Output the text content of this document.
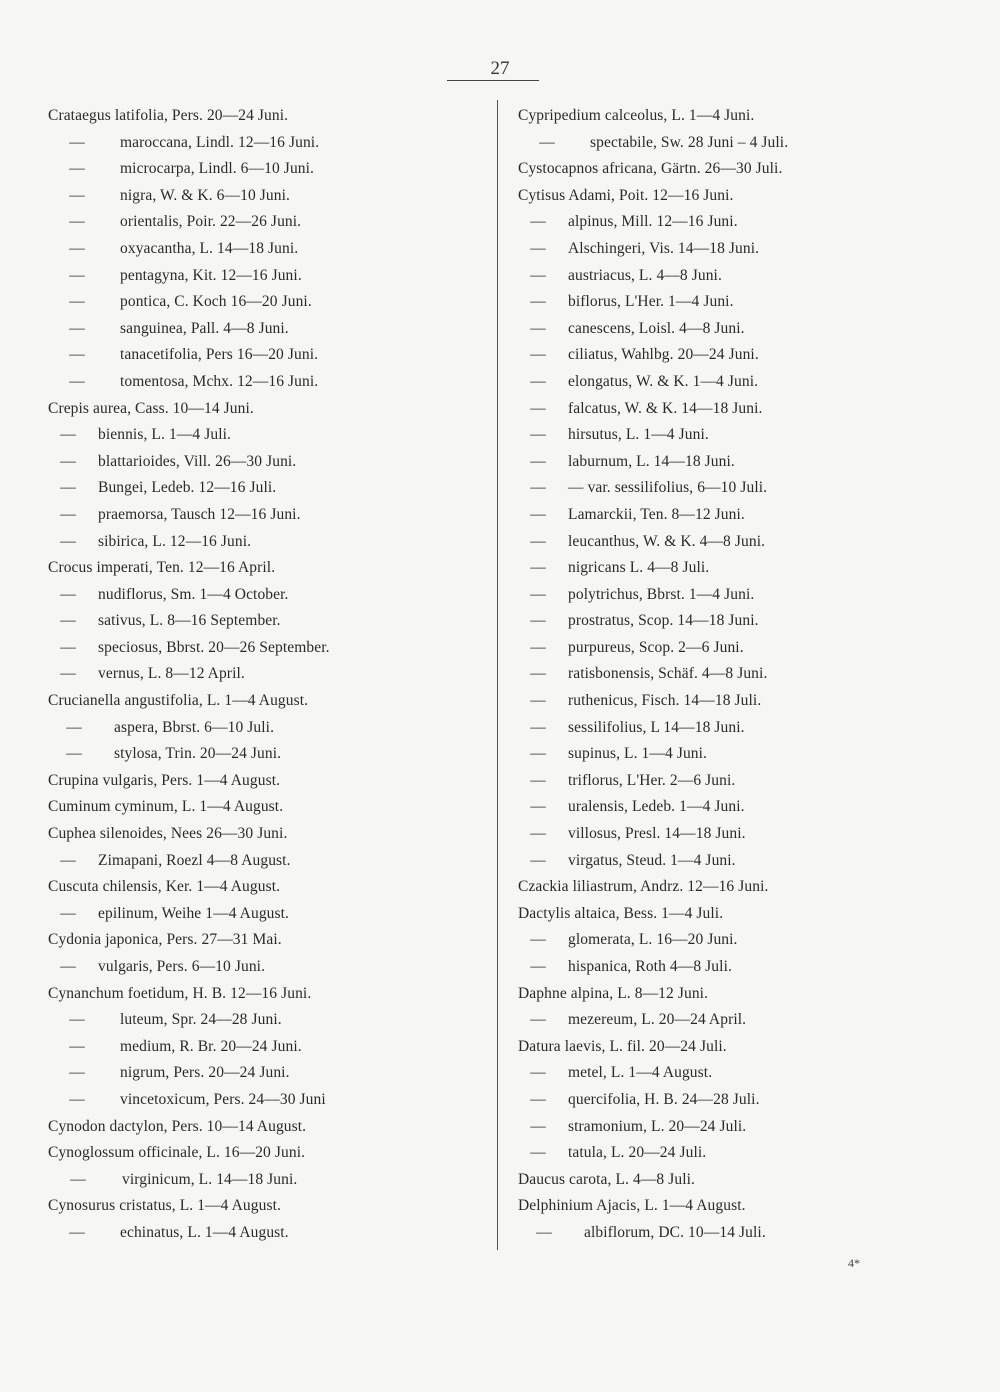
27
Crataegus latifolia, Pers. 20—24 Juni.
— maroccana, Lindl. 12—16 Juni.
— microcarpa, Lindl. 6—10 Juni.
— nigra, W. & K. 6—10 Juni.
— orientalis, Poir. 22—26 Juni.
— oxyacantha, L. 14—18 Juni.
— pentagyna, Kit. 12—16 Juni.
— pontica, C. Koch 16—20 Juni.
— sanguinea, Pall. 4—8 Juni.
— tanacetifolia, Pers 16—20 Juni.
— tomentosa, Mchx. 12—16 Juni.
Crepis aurea, Cass. 10—14 Juni.
— biennis, L. 1—4 Juli.
— blattarioides, Vill. 26—30 Juni.
— Bungei, Ledeb. 12—16 Juli.
— praemorsa, Tausch 12—16 Juni.
— sibirica, L. 12—16 Juni.
Crocus imperati, Ten. 12—16 April.
— nudiflorus, Sm. 1—4 October.
— sativus, L. 8—16 September.
— speciosus, Bbrst. 20—26 September.
— vernus, L. 8—12 April.
Crucianella angustifolia, L. 1—4 August.
— aspera, Bbrst. 6—10 Juli.
— stylosa, Trin. 20—24 Juni.
Crupina vulgaris, Pers. 1—4 August.
Cuminum cyminum, L. 1—4 August.
Cuphea silenoides, Nees 26—30 Juni.
— Zimapani, Roezl 4—8 August.
Cuscuta chilensis, Ker. 1—4 August.
— epilinum, Weihe 1—4 August.
Cydonia japonica, Pers. 27—31 Mai.
— vulgaris, Pers. 6—10 Juni.
Cynanchum foetidum, H. B. 12—16 Juni.
— luteum, Spr. 24—28 Juni.
— medium, R. Br. 20—24 Juni.
— nigrum, Pers. 20—24 Juni.
— vincetoxicum, Pers. 24—30 Juni
Cynodon dactylon, Pers. 10—14 August.
Cynoglossum officinale, L. 16—20 Juni.
— virginicum, L. 14—18 Juni.
Cynosurus cristatus, L. 1—4 August.
— echinatus, L. 1—4 August.
Cypripedium calceolus, L. 1—4 Juni.
— spectabile, Sw. 28 Juni – 4 Juli.
Cystocapnos africana, Gärtn. 26—30 Juli.
Cytisus Adami, Poit. 12—16 Juni.
— alpinus, Mill. 12—16 Juni.
— Alschingeri, Vis. 14—18 Juni.
— austriacus, L. 4—8 Juni.
— biflorus, L'Her. 1—4 Juni.
— canescens, Loisl. 4—8 Juni.
— ciliatus, Wahlbg. 20—24 Juni.
— elongatus, W. & K. 1—4 Juni.
— falcatus, W. & K. 14—18 Juni.
— hirsutus, L. 1—4 Juni.
— laburnum, L. 14—18 Juni.
— — var. sessilifolius, 6—10 Juli.
— Lamarckii, Ten. 8—12 Juni.
— leucanthus, W. & K. 4—8 Juni.
— nigricans L. 4—8 Juli.
— polytrichus, Bbrst. 1—4 Juni.
— prostratus, Scop. 14—18 Juni.
— purpureus, Scop. 2—6 Juni.
— ratisbonensis, Schäf. 4—8 Juni.
— ruthenicus, Fisch. 14—18 Juli.
— sessilifolius, L 14—18 Juni.
— supinus, L. 1—4 Juni.
— triflorus, L'Her. 2—6 Juni.
— uralensis, Ledeb. 1—4 Juni.
— villosus, Presl. 14—18 Juni.
— virgatus, Steud. 1—4 Juni.
Czackia liliastrum, Andrz. 12—16 Juni.
Dactylis altaica, Bess. 1—4 Juli.
— glomerata, L. 16—20 Juni.
— hispanica, Roth 4—8 Juli.
Daphne alpina, L. 8—12 Juni.
— mezereum, L. 20—24 April.
Datura laevis, L. fil. 20—24 Juli.
— metel, L. 1—4 August.
— quercifolia, H. B. 24—28 Juli.
— stramonium, L. 20—24 Juli.
— tatula, L. 20—24 Juli.
Daucus carota, L. 4—8 Juli.
Delphinium Ajacis, L. 1—4 August.
— albiflorum, DC. 10—14 Juli.
4*
